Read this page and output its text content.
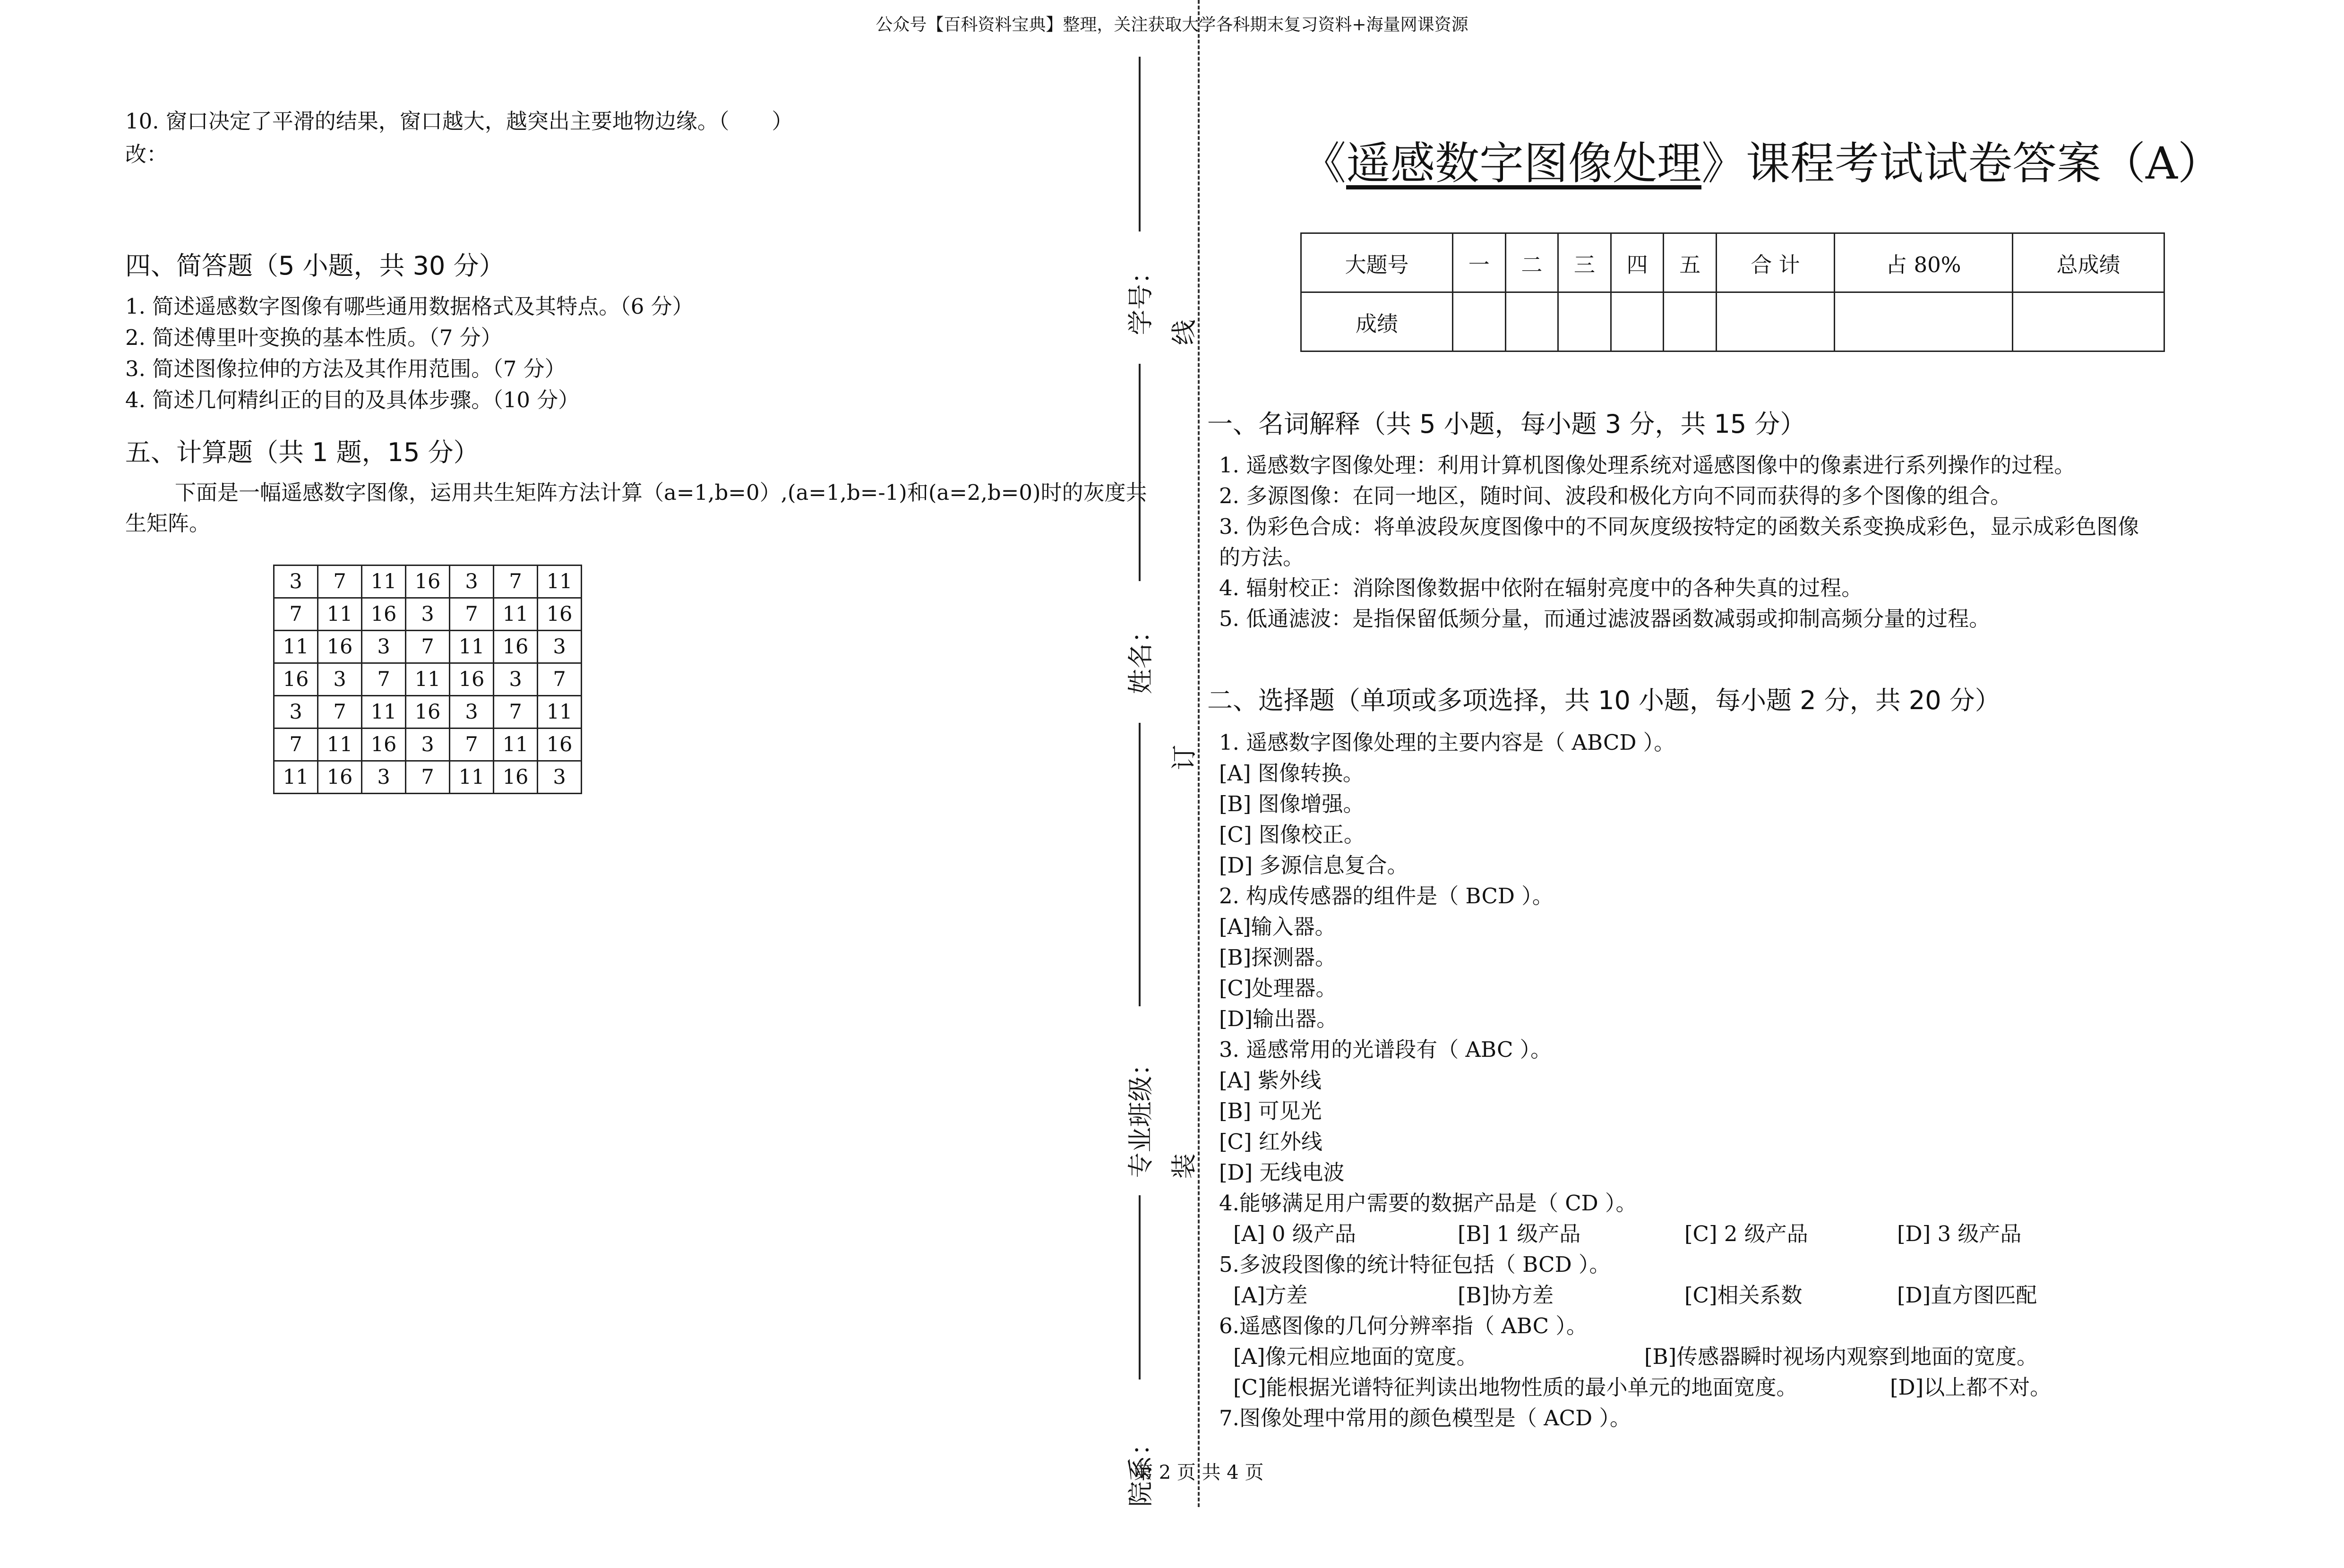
公众号【百科资料宝典】整理，关注获取大学各科期末复习资料+海量网课资源
10. 窗口决定了平滑的结果，窗口越大，越突出主要地物边缘。（　　）
改：
四、简答题（5 小题，共 30 分）
1. 简述遥感数字图像有哪些通用数据格式及其特点。（6 分）
2. 简述傅里叶变换的基本性质。（7 分）
3. 简述图像拉伸的方法及其作用范围。（7 分）
4. 简述几何精纠正的目的及具体步骤。（10 分）
五、计算题（共 1 题，15 分）
下面是一幅遥感数字图像，运用共生矩阵方法计算（a=1,b=0）,(a=1,b=-1)和(a=2,b=0)时的灰度共生矩阵。
3	7	11	16	3	7	11
7	11	16	3	7	11	16
11	16	3	7	11	16	3
16	3	7	11	16	3	7
3	7	11	16	3	7	11
7	11	16	3	7	11	16
11	16	3	7	11	16	3
学号：
姓名：
专业班级：
院系：
线
订
装
第 2 页 共 4 页
《遥感数字图像处理》课程考试试卷答案（A）
大题号	一	二	三	四	五	合 计	占 80%	总成绩
成绩								
一、名词解释（共 5 小题，每小题 3 分，共 15 分）
1. 遥感数字图像处理：利用计算机图像处理系统对遥感图像中的像素进行系列操作的过程。
2. 多源图像：在同一地区，随时间、波段和极化方向不同而获得的多个图像的组合。
3. 伪彩色合成：将单波段灰度图像中的不同灰度级按特定的函数关系变换成彩色，显示成彩色图像
的方法。
4. 辐射校正：消除图像数据中依附在辐射亮度中的各种失真的过程。
5. 低通滤波：是指保留低频分量，而通过滤波器函数减弱或抑制高频分量的过程。
二、选择题（单项或多项选择，共 10 小题，每小题 2 分，共 20 分）
1. 遥感数字图像处理的主要内容是（ ABCD ）。
[A] 图像转换。
[B] 图像增强。
[C] 图像校正。
[D] 多源信息复合。
2. 构成传感器的组件是（ BCD ）。
[A]输入器。
[B]探测器。
[C]处理器。
[D]输出器。
3. 遥感常用的光谱段有（ ABC ）。
[A] 紫外线
[B] 可见光
[C] 红外线
[D] 无线电波
4.能够满足用户需要的数据产品是（ CD ）。
[A] 0 级产品	[B] 1 级产品	[C] 2 级产品	[D] 3 级产品
5.多波段图像的统计特征包括（ BCD ）。
[A]方差	[B]协方差	[C]相关系数	[D]直方图匹配
6.遥感图像的几何分辨率指（ ABC ）。
[A]像元相应地面的宽度。	[B]传感器瞬时视场内观察到地面的宽度。
[C]能根据光谱特征判读出地物性质的最小单元的地面宽度。	[D]以上都不对。
7.图像处理中常用的颜色模型是（ ACD ）。
